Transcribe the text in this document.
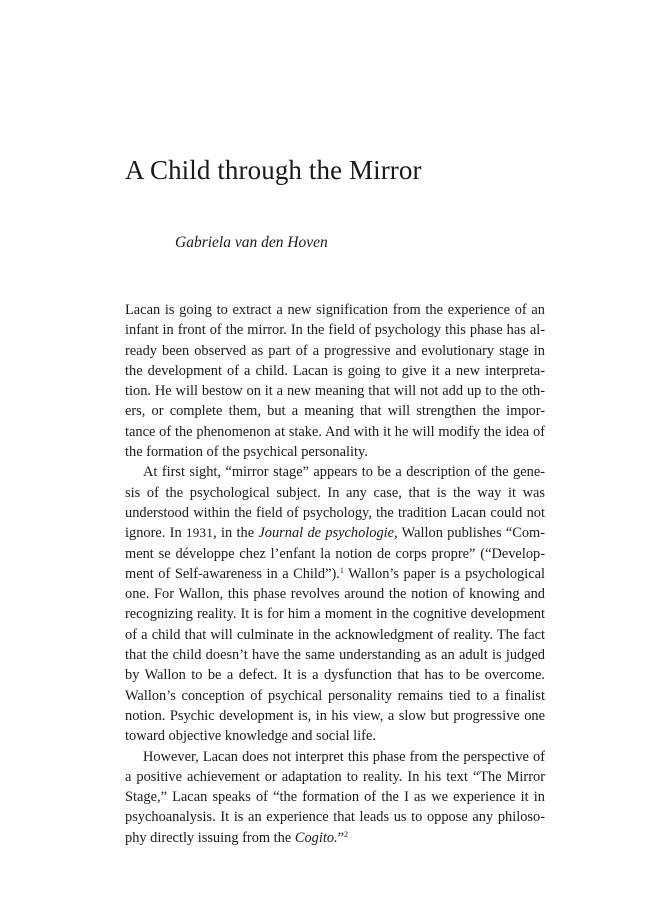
A Child through the Mirror

Gabriela van den Hoven

Lacan is going to extract a new signification from the experience of an
infant in front of the mirror. In the field of psychology this phase has al-
ready been observed as part of a progressive and evolutionary stage in
the development of a child. Lacan is going to give it a new interpreta-
tion. He will bestow on it a new meaning that will not add up to the oth-
ers, or complete them, but a meaning that will strengthen the impor-
tance of the phenomenon at stake. And with it he will modify the idea of
the formation of the psychical personality.
At first sight, “mirror stage” appears to be a description of the gene-
sis of the psychological subject. In any case, that is the way it was
understood within the field of psychology, the tradition Lacan could not
ignore. In 1931, in the Journal de psychologie, Wallon publishes “Com-
ment se développe chez l’enfant la notion de corps propre” (“Develop-
ment of Self-awareness in a Child”).$^1$ Wallon’s paper is a psychological
one. For Wallon, this phase revolves around the notion of knowing and
recognizing reality. It is for him a moment in the cognitive development
of a child that will culminate in the acknowledgment of reality. The fact
that the child doesn’t have the same understanding as an adult is judged
by Wallon to be a defect. It is a dysfunction that has to be overcome.
Wallon’s conception of psychical personality remains tied to a finalist
notion. Psychic development is, in his view, a slow but progressive one
toward objective knowledge and social life.
However, Lacan does not interpret this phase from the perspective of
a positive achievement or adaptation to reality. In his text “The Mirror
Stage,” Lacan speaks of “the formation of the I as we experience it in
psychoanalysis. It is an experience that leads us to oppose any philoso-
phy directly issuing from the Cogito.”$^2$
